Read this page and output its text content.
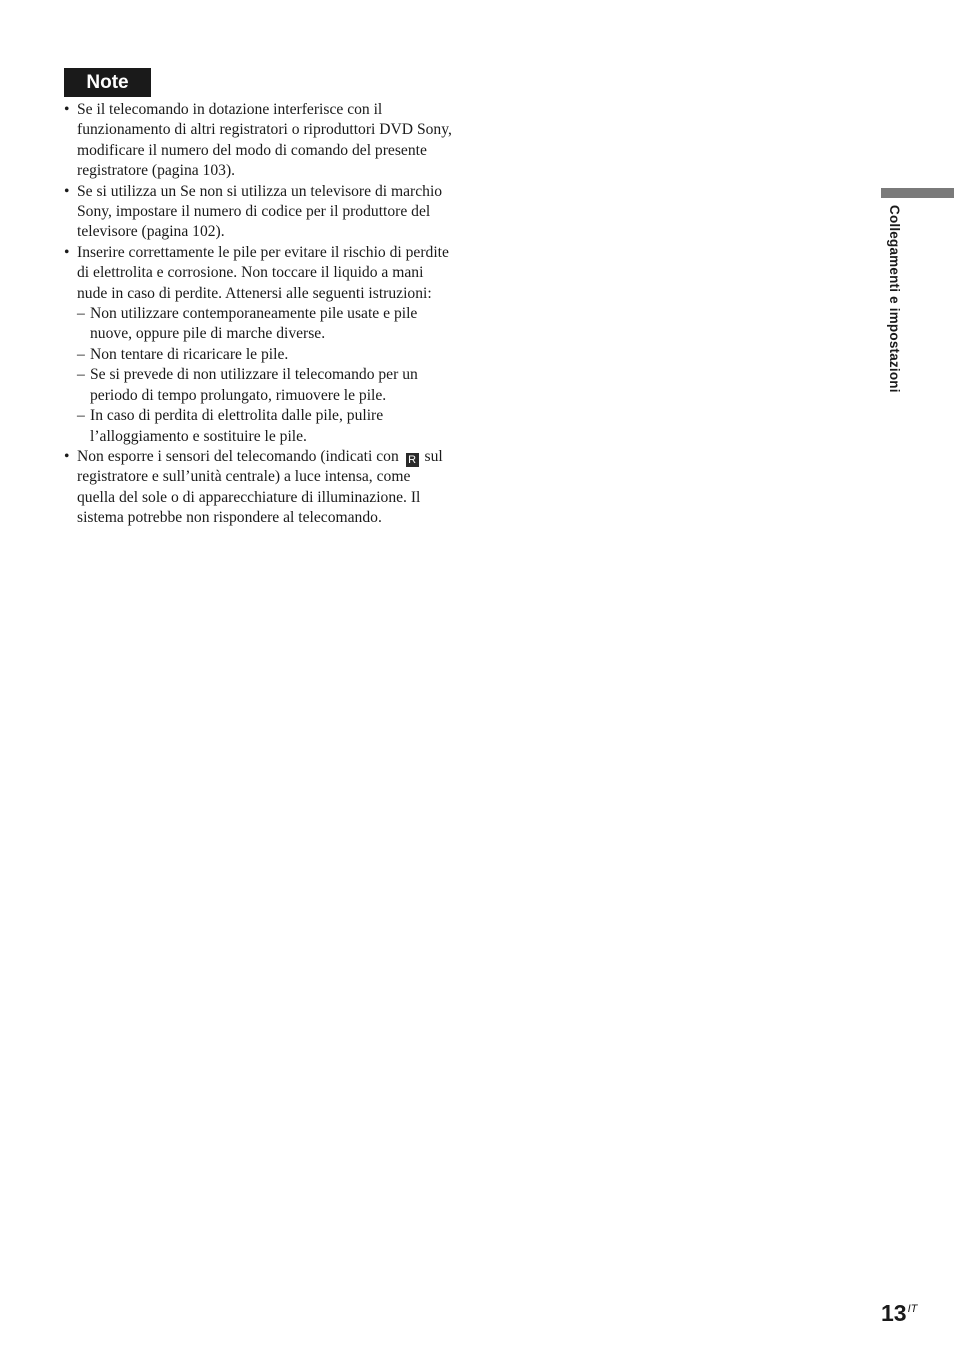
Note
• Se il telecomando in dotazione interferisce con il funzionamento di altri registratori o riproduttori DVD Sony, modificare il numero del modo di comando del presente registratore (pagina 103).
• Se si utilizza un Se non si utilizza un televisore di marchio Sony, impostare il numero di codice per il produttore del televisore (pagina 102).
• Inserire correttamente le pile per evitare il rischio di perdite di elettrolita e corrosione. Non toccare il liquido a mani nude in caso di perdite. Attenersi alle seguenti istruzioni:
– Non utilizzare contemporaneamente pile usate e pile nuove, oppure pile di marche diverse.
– Non tentare di ricaricare le pile.
– Se si prevede di non utilizzare il telecomando per un periodo di tempo prolungato, rimuovere le pile.
– In caso di perdita di elettrolita dalle pile, pulire l’alloggiamento e sostituire le pile.
• Non esporre i sensori del telecomando (indicati con R sul registratore e sull’unità centrale) a luce intensa, come quella del sole o di apparecchiature di illuminazione. Il sistema potrebbe non rispondere al telecomando.
Collegamenti e impostazioni
$13^{IT}$
